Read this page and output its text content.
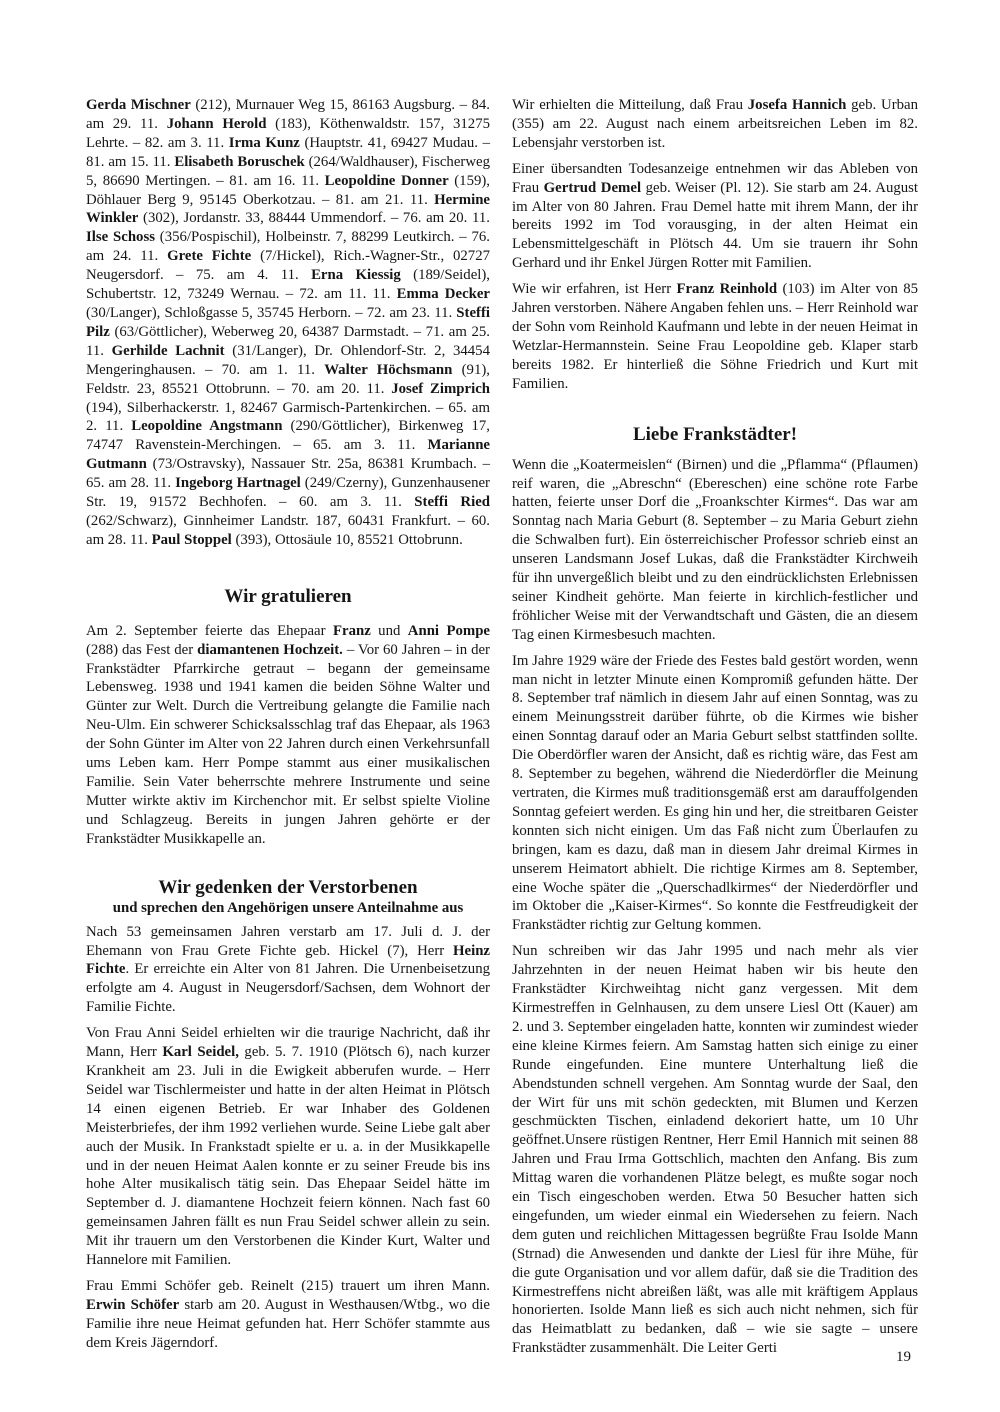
Gerda Mischner (212), Murnauer Weg 15, 86163 Augsburg. – 84. am 29. 11. Johann Herold (183), Köthenwaldstr. 157, 31275 Lehrte. – 82. am 3. 11. Irma Kunz (Hauptstr. 41, 69427 Mudau. – 81. am 15. 11. Elisabeth Boruschek (264/Waldhauser), Fischerweg 5, 86690 Mertingen. – 81. am 16. 11. Leopoldine Donner (159), Döhlauer Berg 9, 95145 Oberkotzau. – 81. am 21. 11. Hermine Winkler (302), Jordanstr. 33, 88444 Ummendorf. – 76. am 20. 11. Ilse Schoss (356/Pospischil), Holbeinstr. 7, 88299 Leutkirch. – 76. am 24. 11. Grete Fichte (7/Hickel), Rich.-Wagner-Str., 02727 Neugersdorf. – 75. am 4. 11. Erna Kiessig (189/Seidel), Schubertstr. 12, 73249 Wernau. – 72. am 11. 11. Emma Decker (30/Langer), Schloßgasse 5, 35745 Herborn. – 72. am 23. 11. Steffi Pilz (63/Göttlicher), Weberweg 20, 64387 Darmstadt. – 71. am 25. 11. Gerhilde Lachnit (31/Langer), Dr. Ohlendorf-Str. 2, 34454 Mengeringhausen. – 70. am 1. 11. Walter Höchsmann (91), Feldstr. 23, 85521 Ottobrunn. – 70. am 20. 11. Josef Zimprich (194), Silberhackerstr. 1, 82467 Garmisch-Partenkirchen. – 65. am 2. 11. Leopoldine Angstmann (290/Göttlicher), Birkenweg 17, 74747 Ravenstein-Merchingen. – 65. am 3. 11. Marianne Gutmann (73/Ostravsky), Nassauer Str. 25a, 86381 Krumbach. – 65. am 28. 11. Ingeborg Hartnagel (249/Czerny), Gunzenhausener Str. 19, 91572 Bechhofen. – 60. am 3. 11. Steffi Ried (262/Schwarz), Ginnheimer Landstr. 187, 60431 Frankfurt. – 60. am 28. 11. Paul Stoppel (393), Ottosäule 10, 85521 Ottobrunn.

Wir gratulieren

Am 2. September feierte das Ehepaar Franz und Anni Pompe (288) das Fest der diamantenen Hochzeit. – Vor 60 Jahren – in der Frankstädter Pfarrkirche getraut – begann der gemeinsame Lebensweg. 1938 und 1941 kamen die beiden Söhne Walter und Günter zur Welt. Durch die Vertreibung gelangte die Familie nach Neu-Ulm. Ein schwerer Schicksalsschlag traf das Ehepaar, als 1963 der Sohn Günter im Alter von 22 Jahren durch einen Verkehrsunfall ums Leben kam. Herr Pompe stammt aus einer musikalischen Familie. Sein Vater beherrschte mehrere Instrumente und seine Mutter wirkte aktiv im Kirchenchor mit. Er selbst spielte Violine und Schlagzeug. Bereits in jungen Jahren gehörte er der Frankstädter Musikkapelle an.

Wir gedenken der Verstorbenen
und sprechen den Angehörigen unsere Anteilnahme aus

Nach 53 gemeinsamen Jahren verstarb am 17. Juli d. J. der Ehemann von Frau Grete Fichte geb. Hickel (7), Herr Heinz Fichte. Er erreichte ein Alter von 81 Jahren. Die Urnenbeisetzung erfolgte am 4. August in Neugersdorf/Sachsen, dem Wohnort der Familie Fichte.

Von Frau Anni Seidel erhielten wir die traurige Nachricht, daß ihr Mann, Herr Karl Seidel, geb. 5. 7. 1910 (Plötsch 6), nach kurzer Krankheit am 23. Juli in die Ewigkeit abberufen wurde. – Herr Seidel war Tischlermeister und hatte in der alten Heimat in Plötsch 14 einen eigenen Betrieb. Er war Inhaber des Goldenen Meisterbriefes, der ihm 1992 verliehen wurde. Seine Liebe galt aber auch der Musik. In Frankstadt spielte er u. a. in der Musikkapelle und in der neuen Heimat Aalen konnte er zu seiner Freude bis ins hohe Alter musikalisch tätig sein. Das Ehepaar Seidel hätte im September d. J. diamantene Hochzeit feiern können. Nach fast 60 gemeinsamen Jahren fällt es nun Frau Seidel schwer allein zu sein. Mit ihr trauern um den Verstorbenen die Kinder Kurt, Walter und Hannelore mit Familien.

Frau Emmi Schöfer geb. Reinelt (215) trauert um ihren Mann. Erwin Schöfer starb am 20. August in Westhausen/Wtbg., wo die Familie ihre neue Heimat gefunden hat. Herr Schöfer stammte aus dem Kreis Jägerndorf.

Wir erhielten die Mitteilung, daß Frau Josefa Hannich geb. Urban (355) am 22. August nach einem arbeitsreichen Leben im 82. Lebensjahr verstorben ist.

Einer übersandten Todesanzeige entnehmen wir das Ableben von Frau Gertrud Demel geb. Weiser (Pl. 12). Sie starb am 24. August im Alter von 80 Jahren. Frau Demel hatte mit ihrem Mann, der ihr bereits 1992 im Tod vorausging, in der alten Heimat ein Lebensmittelgeschäft in Plötsch 44. Um sie trauern ihr Sohn Gerhard und ihr Enkel Jürgen Rotter mit Familien.

Wie wir erfahren, ist Herr Franz Reinhold (103) im Alter von 85 Jahren verstorben. Nähere Angaben fehlen uns. – Herr Reinhold war der Sohn vom Reinhold Kaufmann und lebte in der neuen Heimat in Wetzlar-Hermannstein. Seine Frau Leopoldine geb. Klaper starb bereits 1982. Er hinterließ die Söhne Friedrich und Kurt mit Familien.

Liebe Frankstädter!

Wenn die „Koatermeislen“ (Birnen) und die „Pflamma“ (Pflaumen) reif waren, die „Abreschn“ (Ebereschen) eine schöne rote Farbe hatten, feierte unser Dorf die „Froankschter Kirmes“. Das war am Sonntag nach Maria Geburt (8. September – zu Maria Geburt ziehn die Schwalben furt). Ein österreichischer Professor schrieb einst an unseren Landsmann Josef Lukas, daß die Frankstädter Kirchweih für ihn unvergeßlich bleibt und zu den eindrücklichsten Erlebnissen seiner Kindheit gehörte. Man feierte in kirchlich-festlicher und fröhlicher Weise mit der Verwandtschaft und Gästen, die an diesem Tag einen Kirmesbesuch machten.

Im Jahre 1929 wäre der Friede des Festes bald gestört worden, wenn man nicht in letzter Minute einen Kompromiß gefunden hätte. Der 8. September traf nämlich in diesem Jahr auf einen Sonntag, was zu einem Meinungsstreit darüber führte, ob die Kirmes wie bisher einen Sonntag darauf oder an Maria Geburt selbst stattfinden sollte. Die Oberdörfler waren der Ansicht, daß es richtig wäre, das Fest am 8. September zu begehen, während die Niederdörfler die Meinung vertraten, die Kirmes muß traditionsgemäß erst am darauffolgenden Sonntag gefeiert werden. Es ging hin und her, die streitbaren Geister konnten sich nicht einigen. Um das Faß nicht zum Überlaufen zu bringen, kam es dazu, daß man in diesem Jahr dreimal Kirmes in unserem Heimatort abhielt. Die richtige Kirmes am 8. September, eine Woche später die „Querschadlkirmes“ der Niederdörfler und im Oktober die „Kaiser-Kirmes“. So konnte die Festfreudigkeit der Frankstädter richtig zur Geltung kommen.

Nun schreiben wir das Jahr 1995 und nach mehr als vier Jahrzehnten in der neuen Heimat haben wir bis heute den Frankstädter Kirchweihtag nicht ganz vergessen. Mit dem Kirmestreffen in Gelnhausen, zu dem unsere Liesl Ott (Kauer) am 2. und 3. September eingeladen hatte, konnten wir zumindest wieder eine kleine Kirmes feiern. Am Samstag hatten sich einige zu einer Runde eingefunden. Eine muntere Unterhaltung ließ die Abendstunden schnell vergehen. Am Sonntag wurde der Saal, den der Wirt für uns mit schön gedeckten, mit Blumen und Kerzen geschmückten Tischen, einladend dekoriert hatte, um 10 Uhr geöffnet.Unsere rüstigen Rentner, Herr Emil Hannich mit seinen 88 Jahren und Frau Irma Gottschlich, machten den Anfang. Bis zum Mittag waren die vorhandenen Plätze belegt, es mußte sogar noch ein Tisch eingeschoben werden. Etwa 50 Besucher hatten sich eingefunden, um wieder einmal ein Wiedersehen zu feiern. Nach dem guten und reichlichen Mittagessen begrüßte Frau Isolde Mann (Strnad) die Anwesenden und dankte der Liesl für ihre Mühe, für die gute Organisation und vor allem dafür, daß sie die Tradition des Kirmestreffens nicht abreißen läßt, was alle mit kräftigem Applaus honorierten. Isolde Mann ließ es sich auch nicht nehmen, sich für das Heimatblatt zu bedanken, daß – wie sie sagte – unsere Frankstädter zusammenhält. Die Leiter Gerti

19
